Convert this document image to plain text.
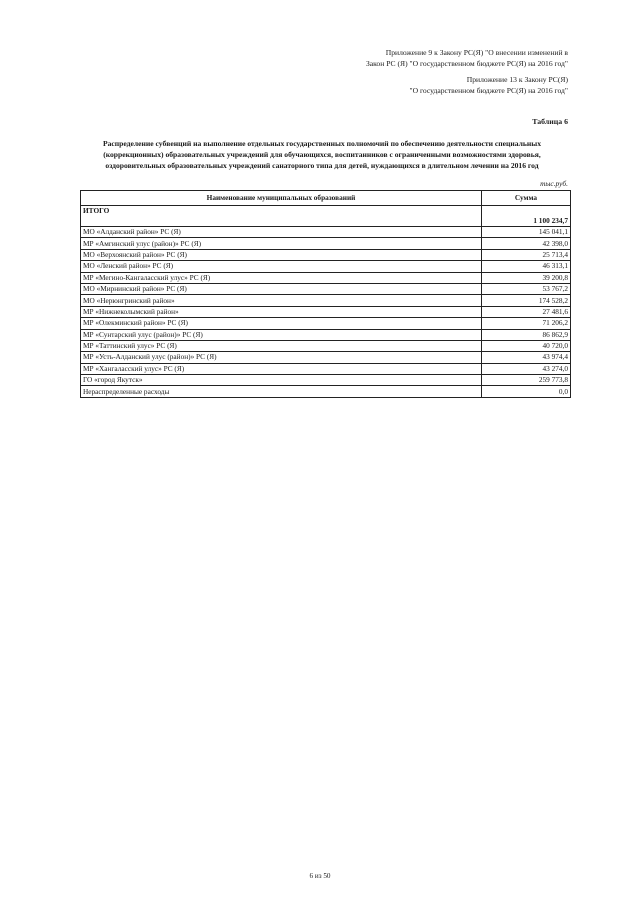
Приложение 9 к Закону РС(Я) "О внесении изменений в
Закон РС (Я) "О государственном бюджете РС(Я) на 2016 год"
Приложение 13 к Закону РС(Я)
"О государственном бюджете РС(Я) на 2016 год"
Таблица 6
Распределение субвенций на выполнение отдельных государственных полномочий по обеспечению деятельности специальных
(коррекционных) образовательных учреждений для обучающихся, воспитанников с ограниченными возможностями здоровья,
оздоровительных образовательных учреждений санаторного типа для детей, нуждающихся в длительном лечении на 2016 год
тыс.руб.
Наименование муниципальных образований	Сумма
ИТОГО	1 100 234,7
МО «Алданский район» РС (Я)	145 041,1
МР «Амгинский улус (район)» РС (Я)	42 398,0
МО «Верхоянский район» РС (Я)	25 713,4
МО «Ленский район» РС (Я)	46 313,1
МР «Мегино-Кангаласский улус» РС (Я)	39 200,8
МО «Мирнинский район» РС (Я)	53 767,2
МО «Нерюнгринский район»	174 528,2
МР «Нижнеколымский район»	27 481,6
МР «Олекминский район» РС (Я)	71 206,2
МР «Сунтарский улус (район)» РС (Я)	86 862,9
МР «Таттинский улус» РС (Я)	40 720,0
МР «Усть-Алданский улус (район)» РС (Я)	43 974,4
МР «Хангаласский улус» РС (Я)	43 274,0
ГО «город Якутск»	259 773,8
Нераспределенные расходы	0,0
6 из 50
